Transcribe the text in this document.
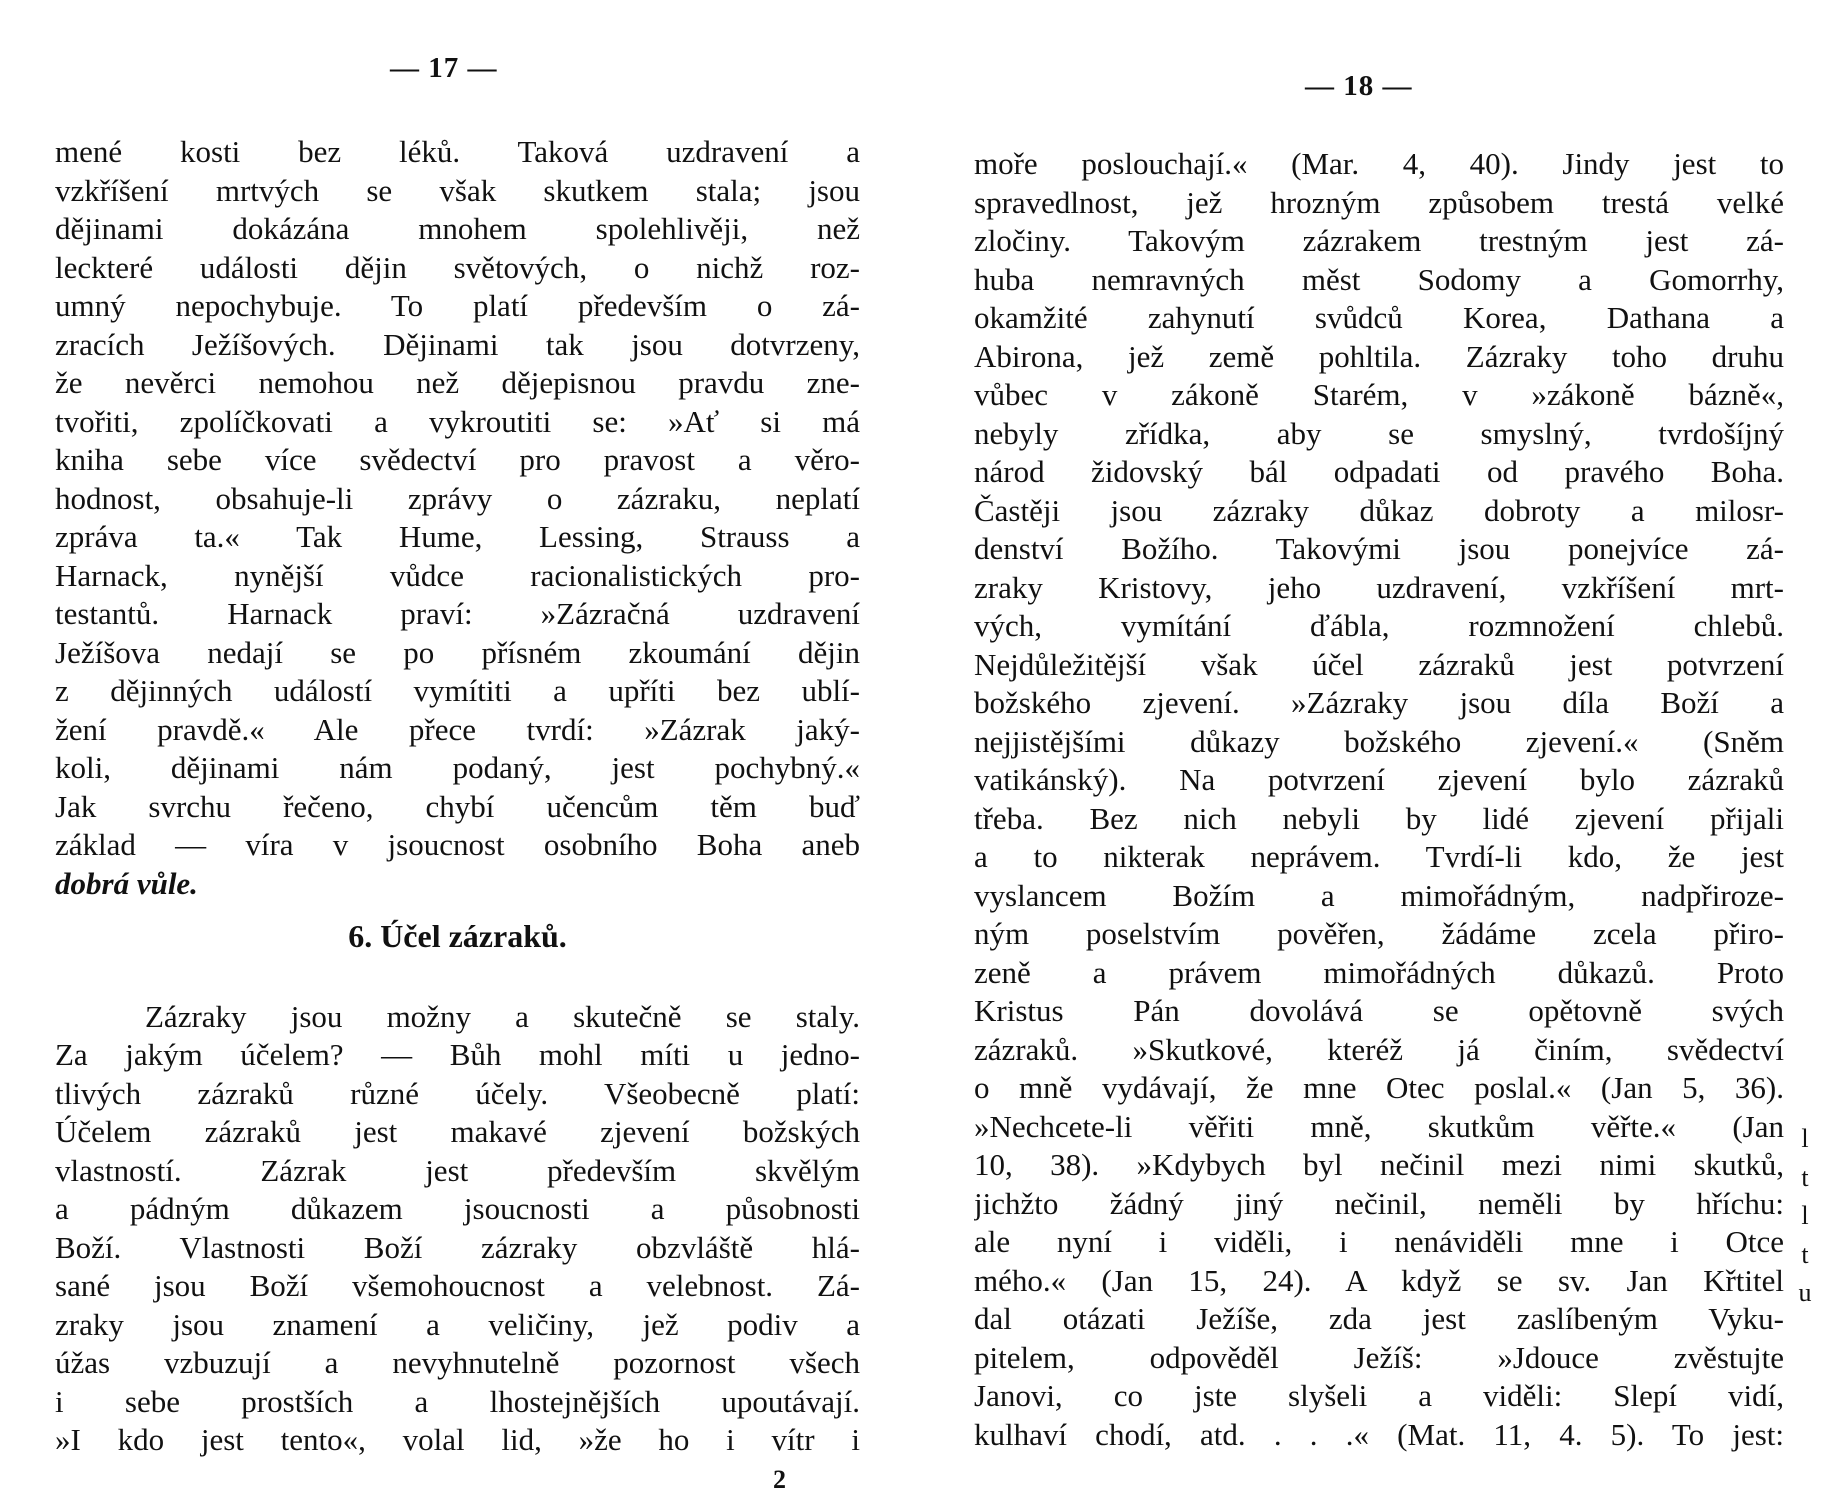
— 17 —
mené kosti bez léků. Taková uzdravení a
vzkříšení mrtvých se však skutkem stala; jsou
dějinami dokázána mnohem spolehlivěji, než
leckteré události dějin světových, o nichž roz-
umný nepochybuje. To platí především o zá-
zracích Ježíšových. Dějinami tak jsou dotvrzeny,
že nevěrci nemohou než dějepisnou pravdu zne-
tvořiti, zpolíčkovati a vykroutiti se: »Ať si má
kniha sebe více svědectví pro pravost a věro-
hodnost, obsahuje-li zprávy o zázraku, neplatí
zpráva ta.« Tak Hume, Lessing, Strauss a
Harnack, nynější vůdce racionalistických pro-
testantů. Harnack praví: »Zázračná uzdravení
Ježíšova nedají se po přísném zkoumání dějin
z dějinných událostí vymítiti a upříti bez ublí-
žení pravdě.« Ale přece tvrdí: »Zázrak jaký-
koli, dějinami nám podaný, jest pochybný.«
Jak svrchu řečeno, chybí učencům těm buď
základ — víra v jsoucnost osobního Boha aneb
dobrá vůle.
6. Účel zázraků.
Zázraky jsou možny a skutečně se staly.
Za jakým účelem? — Bůh mohl míti u jedno-
tlivých zázraků různé účely. Všeobecně platí:
Účelem zázraků jest makavé zjevení božských
vlastností. Zázrak jest především skvělým
a pádným důkazem jsoucnosti a působnosti
Boží. Vlastnosti Boží zázraky obzvláště hlá-
sané jsou Boží všemohoucnost a velebnost. Zá-
zraky jsou znamení a veličiny, jež podiv a
úžas vzbuzují a nevyhnutelně pozornost všech
i sebe prostších a lhostejnějších upoutávají.
»I kdo jest tento«, volal lid, »že ho i vítr i
2
— 18 —
moře poslouchají.« (Mar. 4, 40). Jindy jest to
spravedlnost, jež hrozným způsobem trestá velké
zločiny. Takovým zázrakem trestným jest zá-
huba nemravných měst Sodomy a Gomorrhy,
okamžité zahynutí svůdců Korea, Dathana a
Abirona, jež země pohltila. Zázraky toho druhu
vůbec v zákoně Starém, v »zákoně bázně«,
nebyly zřídka, aby se smyslný, tvrdošíjný
národ židovský bál odpadati od pravého Boha.
Častěji jsou zázraky důkaz dobroty a milosr-
denství Božího. Takovými jsou ponejvíce zá-
zraky Kristovy, jeho uzdravení, vzkříšení mrt-
vých, vymítání ďábla, rozmnožení chlebů.
Nejdůležitější však účel zázraků jest potvrzení
božského zjevení. »Zázraky jsou díla Boží a
nejjistějšími důkazy božského zjevení.« (Sněm
vatikánský). Na potvrzení zjevení bylo zázraků
třeba. Bez nich nebyli by lidé zjevení přijali
a to nikterak neprávem. Tvrdí-li kdo, že jest
vyslancem Božím a mimořádným, nadpřiroze-
ným poselstvím pověřen, žádáme zcela přiro-
zeně a právem mimořádných důkazů. Proto
Kristus Pán dovolává se opětovně svých
zázraků. »Skutkové, kteréž já činím, svědectví
o mně vydávají, že mne Otec poslal.« (Jan 5, 36).
»Nechcete-li věřiti mně, skutkům věřte.« (Jan
10, 38). »Kdybych byl nečinil mezi nimi skutků,
jichžto žádný jiný nečinil, neměli by hříchu:
ale nyní i viděli, i nenáviděli mne i Otce
mého.« (Jan 15, 24). A když se sv. Jan Křtitel
dal otázati Ježíše, zda jest zaslíbeným Vyku-
pitelem, odpověděl Ježíš: »Jdouce zvěstujte
Janovi, co jste slyšeli a viděli: Slepí vidí,
kulhaví chodí, atd. . . .« (Mat. 11, 4. 5). To jest:
l
t
l
t
u
